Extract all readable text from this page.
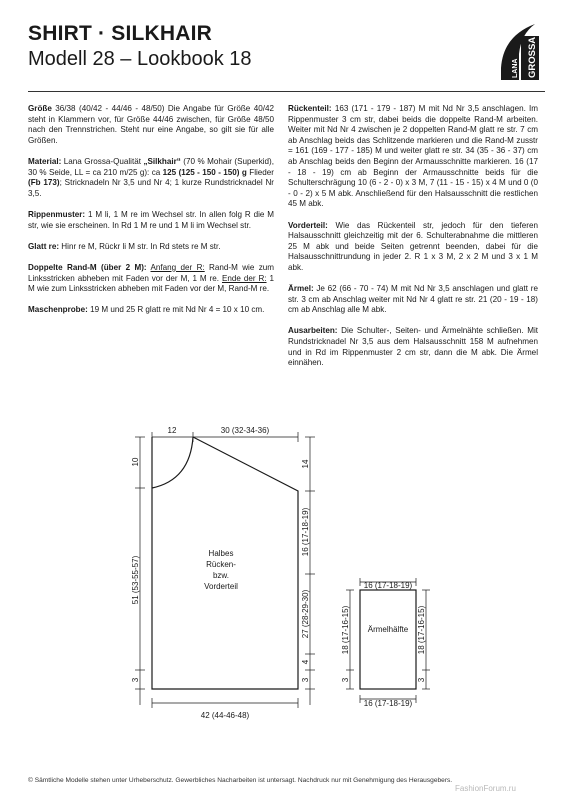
SHIRT · SILKHAIR
Modell 28 – Lookbook 18	LANA GROSSA

Größe 36/38 (40/42 - 44/46 - 48/50) Die Angabe für Größe 40/42 steht in Klammern vor, für Größe 44/46 zwischen, für Größe 48/50 nach den Trennstrichen. Steht nur eine Angabe, so gilt sie für alle Größen.

Material: Lana Grossa-Qualität „Silkhair“ (70 % Mohair (Superkid), 30 % Seide, LL = ca 210 m/25 g): ca 125 (125 - 150 - 150) g Flieder (Fb 173); Stricknadeln Nr 3,5 und Nr 4; 1 kurze Rundstricknadel Nr 3,5.

Rippenmuster: 1 M li, 1 M re im Wechsel str. In allen folg R die M str, wie sie erscheinen. In Rd 1 M re und 1 M li im Wechsel str.

Glatt re: Hinr re M, Rückr li M str. In Rd stets re M str.

Doppelte Rand-M (über 2 M): Anfang der R: Rand-M wie zum Linksstricken abheben mit Faden vor der M, 1 M re. Ende der R: 1 M wie zum Linksstricken abheben mit Faden vor der M, Rand-M re.

Maschenprobe: 19 M und 25 R glatt re mit Nd Nr 4 = 10 x 10 cm.

Rückenteil: 163 (171 - 179 - 187) M mit Nd Nr 3,5 anschlagen. Im Rippenmuster 3 cm str, dabei beids die doppelte Rand-M arbeiten. Weiter mit Nd Nr 4 zwischen je 2 doppelten Rand-M glatt re str. 7 cm ab Anschlag beids das Schlitzende markieren und die Rand-M zusstr = 161 (169 - 177 - 185) M und weiter glatt re str. 34 (35 - 36 - 37) cm ab Anschlag beids den Beginn der Armausschnitte markieren. 16 (17 - 18 - 19) cm ab Beginn der Armausschnitte beids für die Schulterschrägung 10 (6 - 2 - 0) x 3 M, 7 (11 - 15 - 15) x 4 M und 0 (0 - 0 - 2) x 5 M abk. Anschließend für den Halsausschnitt die restlichen 45 M abk.

Vorderteil: Wie das Rückenteil str, jedoch für den tieferen Halsausschnitt gleichzeitig mit der 6. Schulterabnahme die mittleren 25 M abk und beide Seiten getrennt beenden, dabei für die Halsausschnittrundung in jeder 2. R 1 x 3 M, 2 x 2 M und 3 x 1 M abk.

Ärmel: Je 62 (66 - 70 - 74) M mit Nd Nr 3,5 anschlagen und glatt re str. 3 cm ab Anschlag weiter mit Nd Nr 4 glatt re str. 21 (20 - 19 - 18) cm ab Anschlag alle M abk.

Ausarbeiten: Die Schulter-, Seiten- und Ärmelnähte schließen. Mit Rundstricknadel Nr 3,5 aus dem Halsausschnitt 158 M aufnehmen und in Rd im Rippenmuster 2 cm str, dann die M abk. Die Ärmel einnähen.

12	30 (32-34-36)
42 (44-46-48)
Halbes
Rücken-
bzw.
Vorderteil	16 (17-18-19)
16 (17-18-19)
Ärmelhälfte
10
51 (53-55-57)
3
14
16 (17-18-19)
27 (28-29-30)
4
3
18 (17-16-15)
3
18 (17-16-15)
3
© Sämtliche Modelle stehen unter Urheberschutz. Gewerbliches Nacharbeiten ist untersagt. Nachdruck nur mit Genehmigung des Herausgebers.
FashionForum.ru
